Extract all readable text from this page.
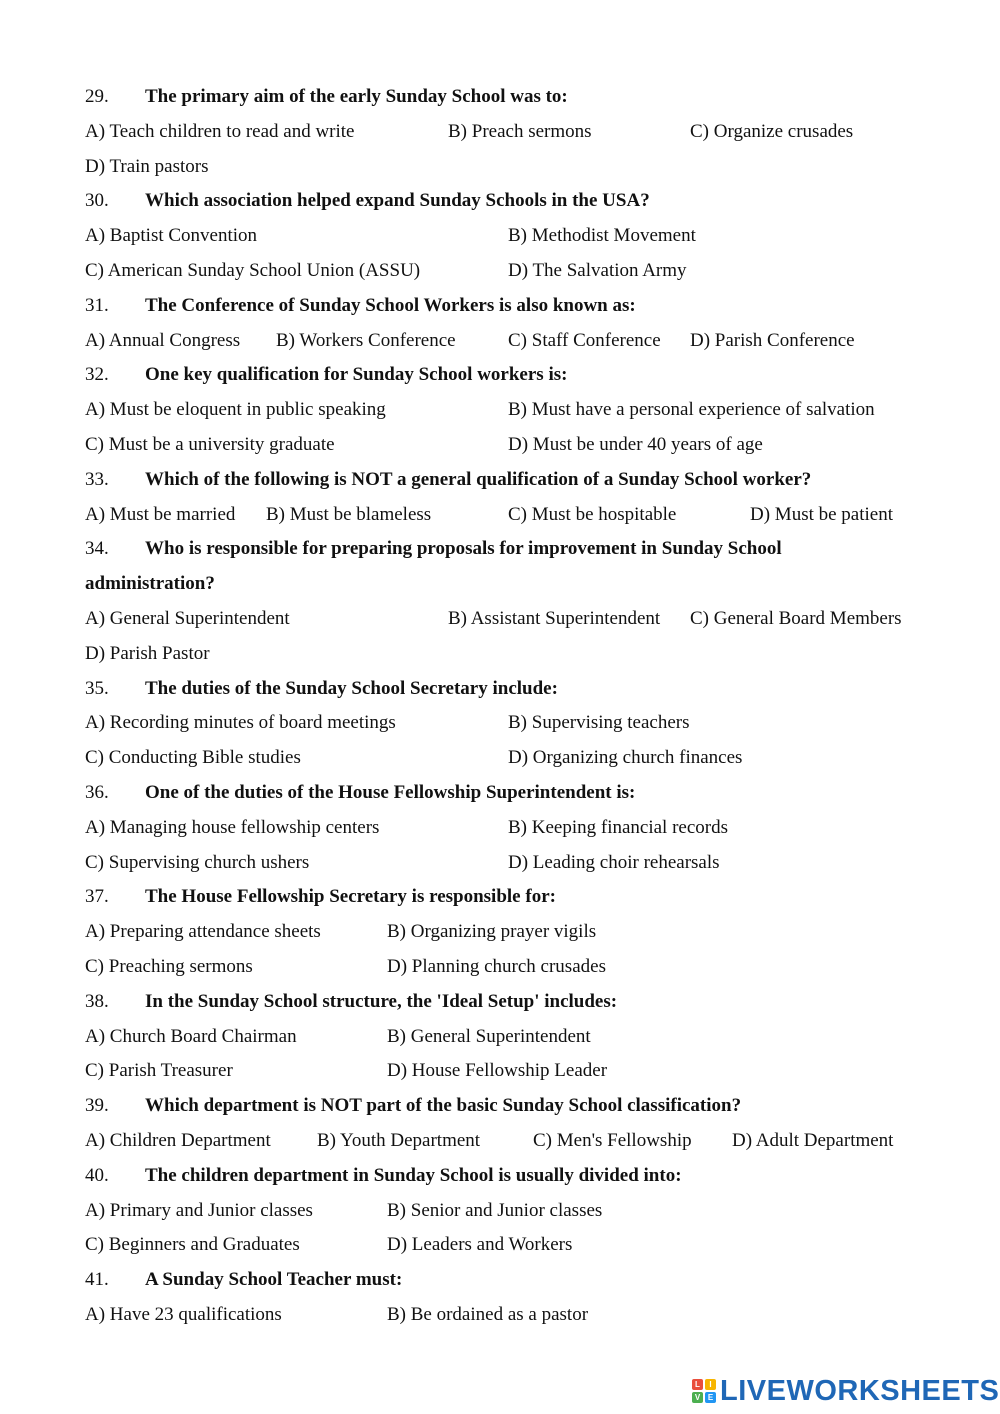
29. The primary aim of the early Sunday School was to:
A) Teach children to read and write	B) Preach sermons	C) Organize crusades
D) Train pastors
30. Which association helped expand Sunday Schools in the USA?
A) Baptist Convention	B) Methodist Movement
C) American Sunday School Union (ASSU)	D) The Salvation Army
31. The Conference of Sunday School Workers is also known as:
A) Annual Congress B) Workers Conference	C) Staff Conference D) Parish Conference
32. One key qualification for Sunday School workers is:
A) Must be eloquent in public speaking	B) Must have a personal experience of salvation
C) Must be a university graduate	D) Must be under 40 years of age
33. Which of the following is NOT a general qualification of a Sunday School worker?
A) Must be married B) Must be blameless	C) Must be hospitable	D) Must be patient
34. Who is responsible for preparing proposals for improvement in Sunday School
administration?
A) General Superintendent	B) Assistant Superintendent C) General Board Members
D) Parish Pastor
35. The duties of the Sunday School Secretary include:
A) Recording minutes of board meetings	B) Supervising teachers
C) Conducting Bible studies	D) Organizing church finances
36. One of the duties of the House Fellowship Superintendent is:
A) Managing house fellowship centers	B) Keeping financial records
C) Supervising church ushers	D) Leading choir rehearsals
37. The House Fellowship Secretary is responsible for:
A) Preparing attendance sheets	B) Organizing prayer vigils
C) Preaching sermons	D) Planning church crusades
38. In the Sunday School structure, the 'Ideal Setup' includes:
A) Church Board Chairman	B) General Superintendent
C) Parish Treasurer	D) House Fellowship Leader
39. Which department is NOT part of the basic Sunday School classification?
A) Children Department B) Youth Department	C) Men's Fellowship D) Adult Department
40. The children department in Sunday School is usually divided into:
A) Primary and Junior classes	B) Senior and Junior classes
C) Beginners and Graduates	D) Leaders and Workers
41. A Sunday School Teacher must:
A) Have 23 qualifications	B) Be ordained as a pastor
L	I
V E LIVEWORKSHEETS
